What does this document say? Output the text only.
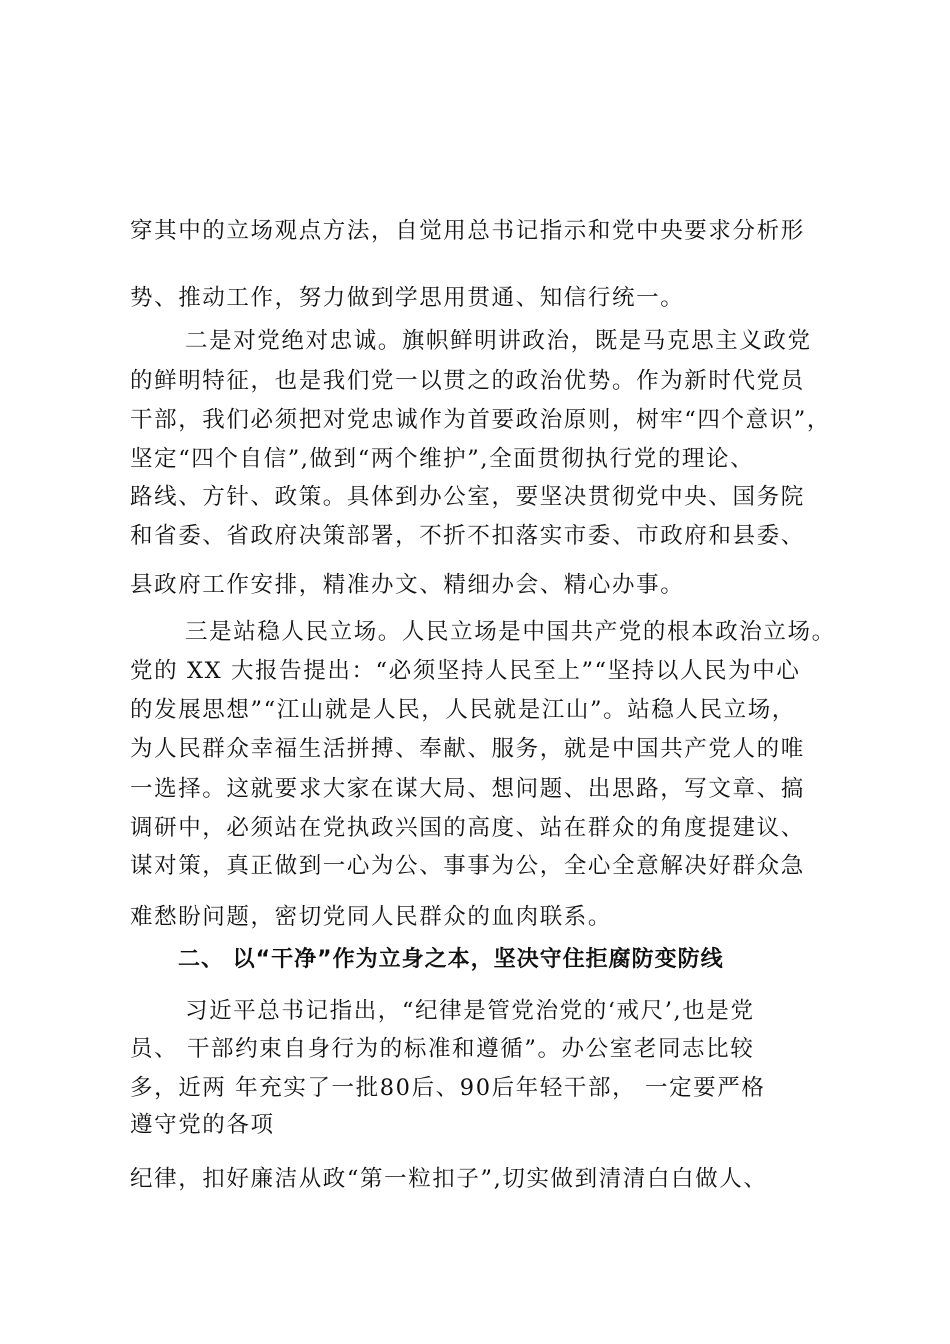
穿其中的立场观点方法，自觉用总书记指示和党中央要求分析形
势、推动工作，努力做到学思用贯通、知信行统一。
二是对党绝对忠诚。旗帜鲜明讲政治，既是马克思主义政党
的鲜明特征，也是我们党一以贯之的政治优势。作为新时代党员
干部，我们必须把对党忠诚作为首要政治原则，树牢“四个意识”，
坚定“四个自信”,做到“两个维护”,全面贯彻执行党的理论、
路线、方针、政策。具体到办公室，要坚决贯彻党中央、国务院
和省委、省政府决策部署，不折不扣落实市委、市政府和县委、
县政府工作安排，精准办文、精细办会、精心办事。
三是站稳人民立场。人民立场是中国共产党的根本政治立场。
党的 XX 大报告提出：“必须坚持人民至上”“坚持以人民为中心
的发展思想”“江山就是人民，人民就是江山”。站稳人民立场，
为人民群众幸福生活拼搏、奉献、服务，就是中国共产党人的唯
一选择。这就要求大家在谋大局、想问题、出思路，写文章、搞
调研中，必须站在党执政兴国的高度、站在群众的角度提建议、
谋对策，真正做到一心为公、事事为公，全心全意解决好群众急
难愁盼问题，密切党同人民群众的血肉联系。
二、 以“干净”作为立身之本，坚决守住拒腐防变防线
习近平总书记指出，“纪律是管党治党的‘戒尺’,也是党
员、 干部约束自身行为的标准和遵循”。办公室老同志比较
多，近两 年充实了一批80后、90后年轻干部， 一定要严格
遵守党的各项
纪律，扣好廉洁从政“第一粒扣子”,切实做到清清白白做人、
